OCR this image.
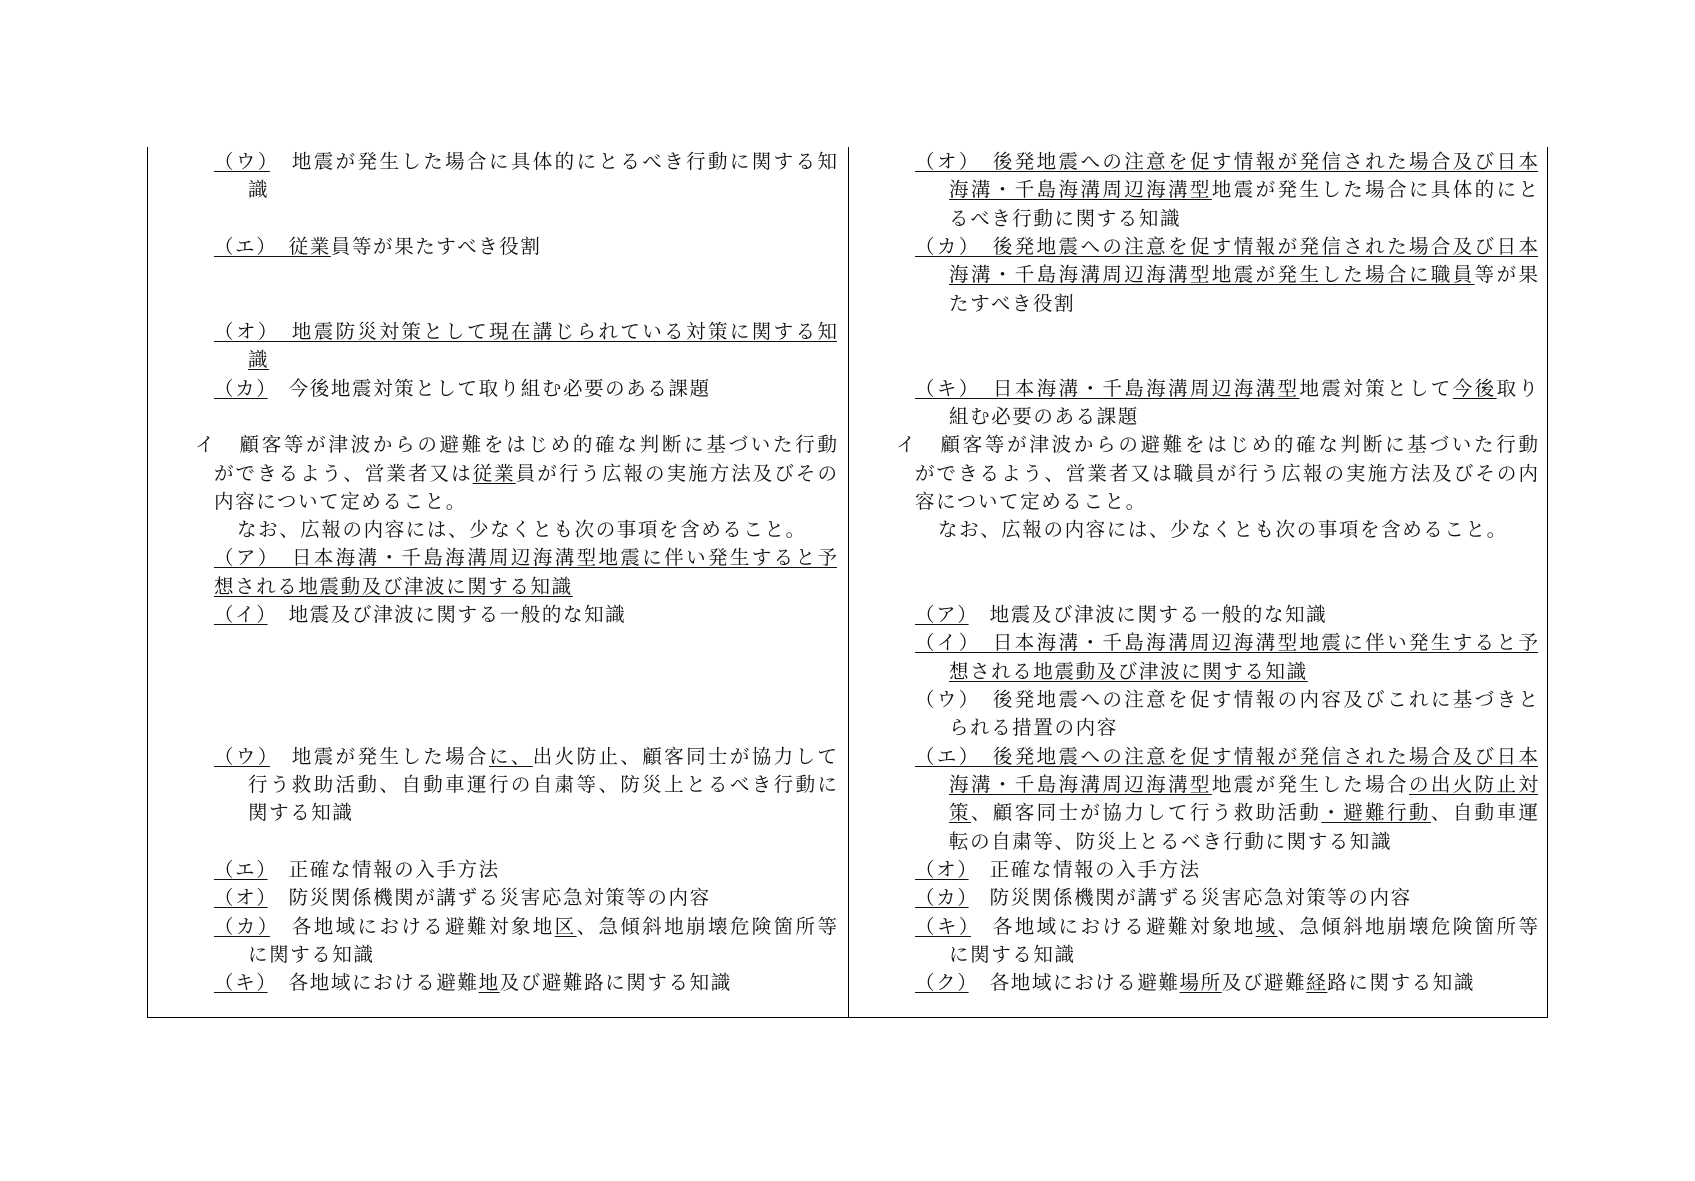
（ウ）　地震が発生した場合に具体的にとるべき行動に関する知
識
（エ）　従業員等が果たすべき役割
（オ）　地震防災対策として現在講じられている対策に関する知
識
（カ）　今後地震対策として取り組む必要のある課題
イ　顧客等が津波からの避難をはじめ的確な判断に基づいた行動
ができるよう、営業者又は従業員が行う広報の実施方法及びその
内容について定めること。
なお、広報の内容には、少なくとも次の事項を含めること。
（ア）　日本海溝・千島海溝周辺海溝型地震に伴い発生すると予
想される地震動及び津波に関する知識
（イ）　地震及び津波に関する一般的な知識
（ウ）　地震が発生した場合に、出火防止、顧客同士が協力して
行う救助活動、自動車運行の自粛等、防災上とるべき行動に
関する知識
（エ）　正確な情報の入手方法
（オ）　防災関係機関が講ずる災害応急対策等の内容
（カ）　各地域における避難対象地区、急傾斜地崩壊危険箇所等
に関する知識
（キ）　各地域における避難地及び避難路に関する知識
（オ）　後発地震への注意を促す情報が発信された場合及び日本
海溝・千島海溝周辺海溝型地震が発生した場合に具体的にと
るべき行動に関する知識
（カ）　後発地震への注意を促す情報が発信された場合及び日本
海溝・千島海溝周辺海溝型地震が発生した場合に職員等が果
たすべき役割
（キ）　日本海溝・千島海溝周辺海溝型地震対策として今後取り
組む必要のある課題
イ　顧客等が津波からの避難をはじめ的確な判断に基づいた行動
ができるよう、営業者又は職員が行う広報の実施方法及びその内
容について定めること。
なお、広報の内容には、少なくとも次の事項を含めること。
（ア）　地震及び津波に関する一般的な知識
（イ）　日本海溝・千島海溝周辺海溝型地震に伴い発生すると予
想される地震動及び津波に関する知識
（ウ）　後発地震への注意を促す情報の内容及びこれに基づきと
られる措置の内容
（エ）　後発地震への注意を促す情報が発信された場合及び日本
海溝・千島海溝周辺海溝型地震が発生した場合の出火防止対
策、顧客同士が協力して行う救助活動・避難行動、自動車運
転の自粛等、防災上とるべき行動に関する知識
（オ）　正確な情報の入手方法
（カ）　防災関係機関が講ずる災害応急対策等の内容
（キ）　各地域における避難対象地域、急傾斜地崩壊危険箇所等
に関する知識
（ク）　各地域における避難場所及び避難経路に関する知識
